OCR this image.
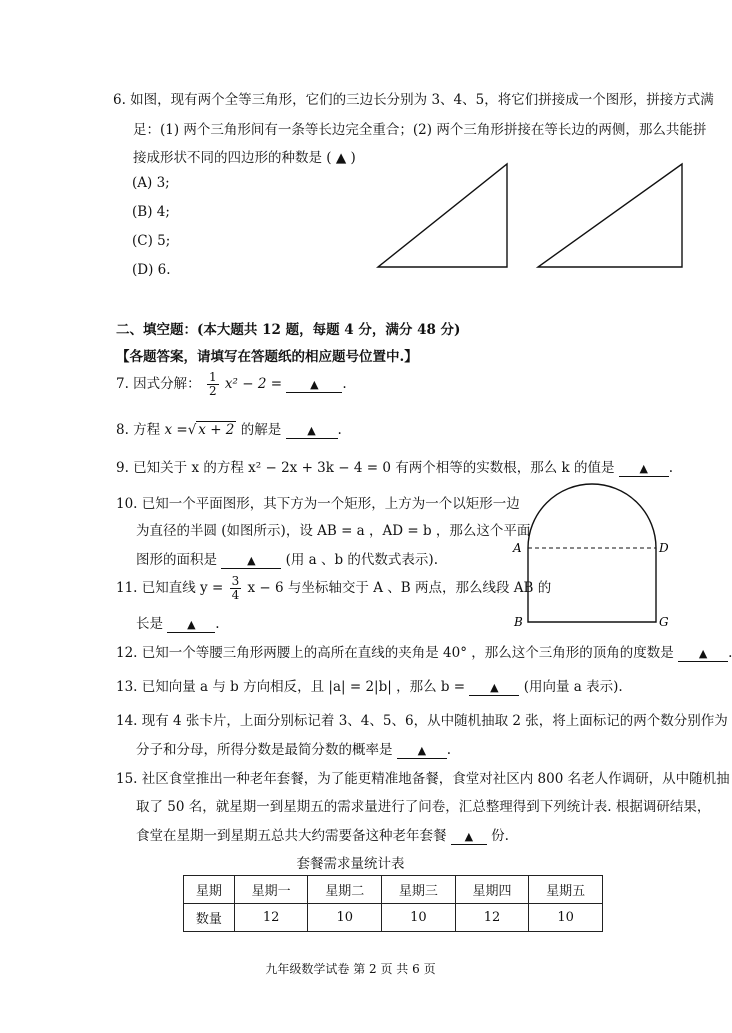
6. 如图，现有两个全等三角形，它们的三边长分别为 3、4、5，将它们拼接成一个图形，拼接方式满
足：(1) 两个三角形间有一条等长边完全重合；(2) 两个三角形拼接在等长边的两侧，那么共能拼
接成形状不同的四边形的种数是 ( ▲ )
(A) 3;
(B) 4;
(C) 5;
(D) 6.
二、填空题：(本大题共 12 题，每题 4 分，满分 48 分)
【各题答案，请填写在答题纸的相应题号位置中.】
7. 因式分解： $\frac{1}{2} x^2 - 2$ =	▲ .
8. 方程 x =√ x + 2 的解是 ▲ .
9. 已知关于 x 的方程 x² − 2x + 3k − 4 = 0 有两个相等的实数根，那么 k 的值是 ▲ .
10. 已知一个平面图形，其下方为一个矩形，上方为一个以矩形一边
为直径的半圆 (如图所示)，设 AB = a ，AD = b ，那么这个平面
图形的面积是	▲ (用 a 、b 的代数式表示).
A	D
B	G
11. 已知直线 $y = \frac{3}{4}$ x − 6 与坐标轴交于 A 、B 两点，那么线段 AB 的
长是 ▲ .
12. 已知一个等腰三角形两腰上的高所在直线的夹角是 40° ，那么这个三角形的顶角的度数是 ▲ .
13. 已知向量 a 与 b 方向相反，且 |a| = 2|b| ，那么 b = ▲ (用向量 a 表示).
14. 现有 4 张卡片，上面分别标记着 3、4、5、6，从中随机抽取 2 张，将上面标记的两个数分别作为
分子和分母，所得分数是最简分数的概率是 ▲ .
15. 社区食堂推出一种老年套餐，为了能更精准地备餐，食堂对社区内 800 名老人作调研，从中随机抽
取了 50 名，就星期一到星期五的需求量进行了问卷，汇总整理得到下列统计表. 根据调研结果，
食堂在星期一到星期五总共大约需要备这种老年套餐 ▲ 份.
套餐需求量统计表
星期	星期一	星期二	星期三	星期四	星期五
数量	12	10	10	12	10
九年级数学试卷 第 2 页 共 6 页
